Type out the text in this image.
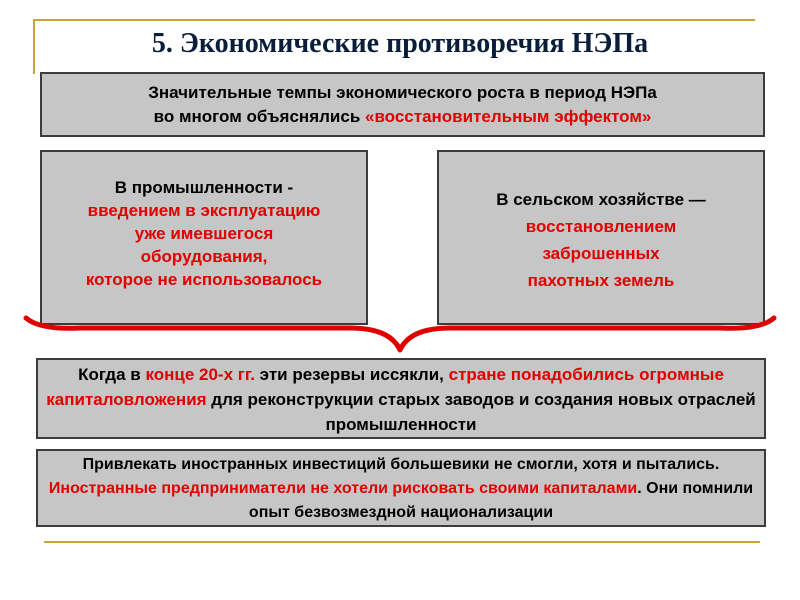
5. Экономические противоречия НЭПа
Значительные темпы экономического роста в период НЭПа
во многом объяснялись «восстановительным эффектом»
В промышленности -
введением в эксплуатацию
уже имевшегося
оборудования,
которое не использовалось
В сельском хозяйстве —
восстановлением
заброшенных
пахотных земель
Когда в конце 20-х гг. эти резервы иссякли, стране понадобились огромные капиталовложения для реконструкции старых заводов и создания новых отраслей промышленности
Привлекать иностранных инвестиций большевики не смогли, хотя и пытались. Иностранные предприниматели не хотели рисковать своими капиталами. Они помнили опыт безвозмездной национализации
